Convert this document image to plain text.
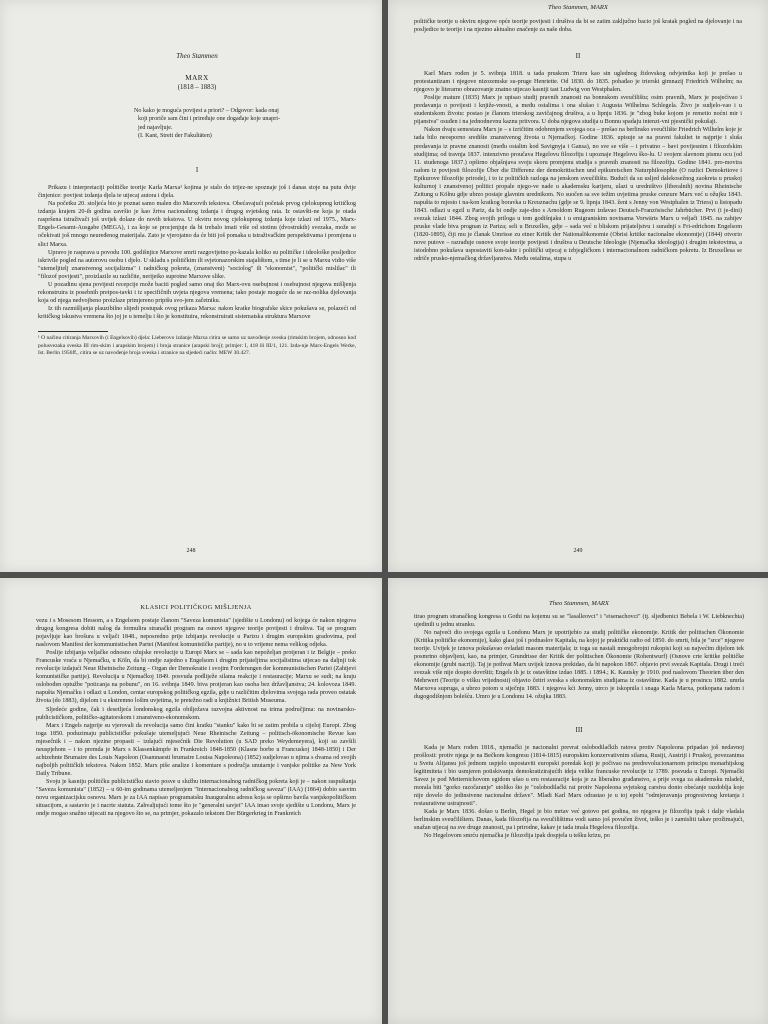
Theo Stammen
MARX
(1818 – 1883)
No kako je moguća povijest a priori? – Odgovor: kada onaj
koji proriče sam čini i priređuje one događaje koje unapri-
jed najavljuje.
(I. Kant, Streit der Fakultäten)
I

Prikazu i interpretaciji političke teorije Karla Marxa¹ kojima je stalo do trijez-ne spoznaje još i danas stoje na putu dvije činjenice: povijest izdanja djela te utjecaj autora i djela.

Na početku 20. stoljeća bio je poznat samo malen dio Marxovih tekstova. Obećavajući početak prvog cjelokupnog kritičkog izdanja krajem 20-ih godina završio je kao žrtva nacionalnog izdanja i drugog svjetskog rata. Iz ostavšti-ne koja je otada raspršena istraživači još uvijek dolaze do novih tekstova. U okviru novog cjelokupnog izdanja koje izlazi od 1975., Marx-Engels-Gesamt-Ausgabe (MEGA), i za koje se procjenjuje da bi trebalo imati više od stotinu (dvostrukih) svezaka, može se očekivati još mnogo neuređenog materijala. Zato je vjerojatno da će biti još pomaka u istraživačkim perspektivama i promjena u slici Marxa.

Upravo je rasprava u povodu 100. godišnjice Marxove smrti razgovijetno po-kazala koliko su političke i ideološke posljedice iskrivile pogled na autorovu osobu i djelo. U skladu s političkim ili svjetonazorskim stajalištem, s time je li se u Marxu vidio više "utemeljitelj znanstvenog socijalizma" i radničkog pokreta, (znanstveni) "sociolog" ili "ekonomist", "politički mislilac" ili "filozof povijesti", proizlazile su različite, nerijetko suprotne Marxove slike.

U pozadinu sjena povijesti recepcije može baciti pogled samo onaj tko Marx-ovu osebujnost i osebujnost njegova mišljenja rekonstruira iz posebnih pretpos-tavki i iz specifičnih uvjeta njegova vremena; tako postaje moguće da se raz-nolika djelovanja koja od njega nedvojbeno proizlaze primjereno pripišu svo-jem začetniku.

Iz tih razmišljanja plauzibilno slijedi postupak ovog prikaza Marxa: nakon kratke biografske skice pokušava se, polazeći od kritičkog iskustva vremena što joj je u temelju i što je konstituira, rekonstruirati sistematska struktura Marxove

¹ O načinu citiranja Marxovih (i Engelsovih) djela: Lieberovo izdanje Marxa citira se samo uz navođenje sveska (rimskim brojem, odnosno kod polusvezaka sveska III rim-skim i arapskim brojem) i broja stranice (arapski broj); primjer: I, 418 ili III/1, 121. Izda-nje Marx-Engels Werke, Ist. Berlin 1956ff., citira se uz navođenje broja sveska i stranice na sljedeći način: MEW 30.427.

248
Theo Stammen, MARX

političke teorije u okviru njegove opće teorije povijesti i društva da bi se zatim zaključno bacio još kratak pogled na djelovanje i na posljedice te teorije i na njezino aktualno značenje za naše doba.

II

Karl Marx rođen je 5. svibnja 1818. u tada pruskom Trieru kao sin uglednog židovskog odvjetnika koji je prešao u protestantizam i njegove nizozemske su-pruge Henriette. Od 1830. do 1835. pohađao je trierski gimnazij Friedrich Wilhelm; na njegovo je literarno obrazovanje znatno utjecao kasniji tast Ludwig von Westphalen.

Poslije mature (1835) Marx je upisao studij pravnih znanosti na bonnskom sveučilištu; osim pravnih, Marx je posjećivao i predavanja o povijesti i knjiže-vnosti, a među ostalima i ona slušao i Augusta Wilhelma Schlegela. Živo je sudjelo-vao i u studentskom životu: postao je članom trierskog zavičajnog društva, a u lipnju 1836. je "zbog buke kojom je remetio noćni mir i pijanstva" osuđen i na jednodnevnu kaznu pritvora. U doba njegova studija u Bonnu spadaju intenzi-vni pjesnički pokušaji.

Nakon dvaju semestara Marx je – s izričitim odobrenjem svojega oca – prešao na berlinsko sveučilište Friedrich Wilhelm koje je tada bilo neosporno središte znanstvenog života u Njemačkoj. Godine 1836. upisuje se na pravni fakultet te najprije i sluša predavanja iz pravne znanosti (među ostalim kod Savignyja i Gansa), no sve se više – i privatno – bavi povijesnim i filozofskim studijima; od travnja 1837. intenzivno proučava Hegelovu filozofiju i upoznaje Hegelovu ško-lu. U svojem slavnom pismu ocu (od 11. studenoga 1837.) opširno objašnjava svoju skoru promjenu studija s pravnih znanosti na filozofiju. Godine 1841. pro-movira radom iz povijesti filozofije Über die Differenz der demokritischen und epikureischen Naturphilosophie (O razlici Demokritove i Epikurove filozofije prirode), i to iz političkih razloga na jenskom sveučilištu. Budući da su usljed dalekosežnog zaokreta u pruskoj kulturnoj i znanstvenoj politici propale njego-ve nade u akademsku karijeru, ulazi u uredništvo (liberalnih) novina Rheinische Zeitung u Kölnu gdje ubrzo postaje glavnim urednikom. No suočen sa sve težim uvjetima pruske cenzure Marx već u ožujku 1843. napušta to mjesto i na-kon kratkog boravka u Kreuznachu (gdje se 9. lipnja 1843. ženi s Jenny von Westphalen iz Triera) u listopadu 1843. odlazi u egzil u Pariz, da bi ondje zaje-dno s Arnoldom Rugeom izdavao Deutsch-Französische Jahrbücher. Prvi (i je-dini) svezak izlazi 1844. Zbog svojih priloga u tom godišnjaku i u emigrantskim novinama Vorwärts Marx u veljači 1845. na zahtjev pruske vlade biva prognan iz Pariza; seli u Bruxelles, gdje – sada već u bliskom prijateljstvu i suradnji s Fri-edrichom Engelsom (1820-1895), čiji mu je članak Umrisse zu einer Kritik der Nationalökonomie (Obrisi kritike nacionalne ekonomije) (1844) otvorio nove putove – razrađuje osnove svoje teorije povijesti i društva u Deutsche Ideologie (Njemačka ideologija) i drugim tekstovima, a istodobno pokušava uspostaviti kon-takte i politički utjecaj u izbjegličkom i internacionalnom radničkom pokretu. Iz Bruxellesa se odriče prusko-njemačkog državljanstva. Među ostalima, stupa u

249
KLASICI POLITIČKOG MIŠLJENJA

vezu i s Mosesom Hessom, a s Engelsom postaje članom "Saveza komunista" (sjedište u Londonu) od kojega će nakon njegova drugog kongresa dobiti nalog da formulira stranački program na osnovi njegove teorije povijesti i društva. Taj se program pojavljuje kao brošura u veljači 1848., neposredno prije izbijanja revolucije u Parizu i drugim europskim gradovima, pod naslovom Manifest der kommunistischen Partei (Manifest komunističke partije), no u to vrijeme nema velikog odjeka.

Poslije izbijanja veljačke odnosno ožujske revolucije u Europi Marx se – sada kao nepoželjan protjeran i iz Belgije – preko Francuske vraća u Njemačku, u Köln, da bi ondje zajedno s Engelsom i drugim prijateljima socijalistima utjecao na daljnji tok revolucije izdajući Neue Rheinische Zeitung – Organ der Demokratie i svojim Forderungen der kommunistischen Partei (Zahtjevi komunističke partije). Revolucija u Njemačkoj 1849. posvuda podliježe silama reakcije i restauracije; Marxu se sudi; na kraju oslobođen optužbe "poticanja na pobunu", on 16. svibnja 1849. biva protjeran kao osoba bez državljanstva; 24. kolovoza 1849. napušta Njemačku i odlazi u London, centar europskog političkog egzila, gdje u različitim djelovima svojega rada proveo ostatak života (do 1883), dijelom i u ekstremno lošim uvjetima, te pretežno radi u knjižnici British Museuma.

Sljedeće godine, čak i desetljeća londonskog egzila obilježava razvojna aktivnost na trima područjima: na novinarsko-publicističkom, političko-agitatorskom i znanstveno-ekonomskom.

Marx i Engels najprije su vjerovali da revolucija samo čini kratku "stanku" kako bi se zatim probila u cijeloj Europi. Zbog toga 1850. poduzimaju publicističke pokušaje utemeljujući Neue Rheinische Zeitung – politisch-ökonomische Revue kao mjesečnik i – nakon njezine propasti – izdajući mjesečnik Die Revolution (u SAD preko Weydemeyera), koji su zavšili neuspjehom – i to premda je Marx s Klassenkämpfe in Frankreich 1848-1850 (Klasne borbe u Francuskoj 1848-1850) i Der achtzehnte Brumaire des Louis Napoleon (Osamnaesti brumaire Louisa Napoleona) (1852) sudjelovao u njima s dvama od svojih najboljih političkih tekstova. Nakon 1852. Marx piše analize i komentare s područja unutarnje i vanjske politike za New York Daily Tribune.

Svoju je kasniju političku publicističku stavio posve u službu internacionalnog radničkog pokreta koji je – nakon raspuštanja "Saveza komunista" (1852) – u 60-im godinama utemeljenjem "Internacionalnog radničkog saveza" (IAA) (1864) dobio sasvim novu organizacijsku osnovu. Marx je za IAA napisao programatsku Inauguralnu adresu koja se opširno bavila vanjskopolitičkom situacijom, a sastavio je i nacrte statuta. Zahvaljujući tome što je "generalni savjet" IAA imao svoje sjedište u Londonu, Marx je ondje mogao snažno utjecati na njegovo što se, na primjer, pokazalo tekstom Der Bürgerkrieg in Frankreich

Theo Stammen, MARX

tirao program stranačkog kongresa u Gothi na kojemu su se "lasalleovci" i "eisenachovci" (tj. sljedbenici Bebela i W. Liebknechta) ujedinili u jednu stranku.

No najveći dio svojega egzila u Londonu Marx je upotrijebio za studij političke ekonomije. Kritik der politischen Ökonomie (Kritika političke ekonomije), kako glasi još i podnaslov Kapitala, na kojoj je praktički radio od 1850. do smrti, bila je "srce" njegove teorije. Uvijek je iznova pokušavao ovladati masom materijala; iz toga su nastali mnogobrojni rukopisi koji su najvećim dijelom tek posmrtno objavljeni, kao, na primjer, Grundrisse der Kritik der politischen Ökonomie (Rohentwurf) (Osnove crte kritike političke ekonomije (grubi nacrt)). Taj je pothvat Marx uvijek iznova prekidao, da bi napokon 1867. objavio prvi svezak Kapitala. Drugi i treći svezak više nije dospio dovršiti; Engels ih je iz ostavštine izdao 1885. i 1894.; K. Kautsky je 1910. pod naslovom Theorien über den Mehrwert (Teorije o višku vrijednosti) objavio četiri sveska s ekonomskim studijama iz ostavštine. Kada je u prosincu 1882. umrla Marxova supruga, a ubrzo potom u siječnju 1883. i njegova kći Jenny, utrco je iskopnila i snaga Karla Marxa, potkopana radom i dugogodišnjom bolešću. Umro je u Londonu 14. ožujka 1883.

III

Kada je Marx rođen 1818., njemački je nacionalni prevrat oslobodilačkih ratova protiv Napoleona pripadao još nedavnoj prošlosti: protiv njega je na Bečkom kongresu (1814-1815) europskim konzervativnim silama, Rusiji, Austriji i Pruskoj, povezanima u Svetu Alijansu još jednom uspjelo uspostaviti europski poredak koji je počivao na predrevolucionarnom principu monarhijskog legitimiteta i bio usmjeren potiskivanju demokratizirajućih ideja velike francuske revolucije iz 1789. posvuda u Europi. Njemački Savez je pod Metternichovom egidom ušao u eru restauracije koja je za liberalno građanstvo, a prije svega za akademsku mladež, morala biti "gorko razočaranje" utoliko što je "oslobodilački rat protiv Napoleona svjetskog carstva donio obećanje razdoblja koje nije dovelo do jedinstvene nacionalne države". Mladi Karl Marx odrastao je u toj epohi "odmjeravanja progresivnog kretanja i restaurativne ustrajnosti".

Kada je Marx 1836. došao u Berlin, Hegel je bio mrtav već gotovo pet godina, no njegova je filozofija ipak i dalje vladala berlinskim sveučilištem. Danas, kada filozofija na sveučilištima vodi samo još povučen život, teško je i zamisliti takav prožimajući, snažan utjecaj na sve druge znanosti, pa i prirodne, kakav je tada imala Hegelova filozofija.

No Hegelovom smrću njemačka je filozofija ipak dospjela u tešku krizu, po
